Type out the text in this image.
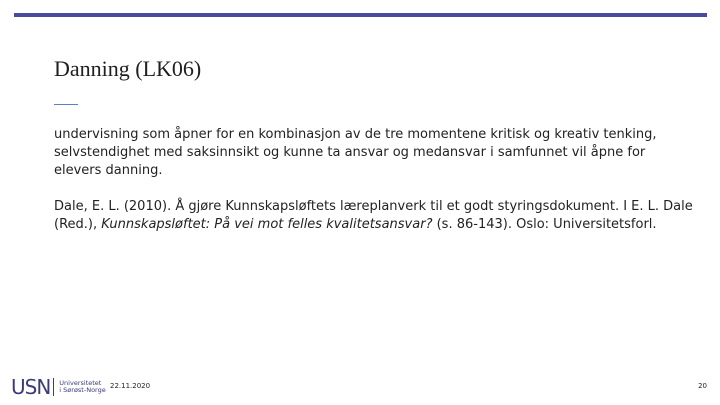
Danning (LK06)

undervisning som åpner for en kombinasjon av de tre momentene kritisk og kreativ tenking, selvstendighet med saksinnsikt og kunne ta ansvar og medansvar i samfunnet vil åpne for elevers danning.

Dale, E. L. (2010). Å gjøre Kunnskapsløftets læreplanverk til et godt styringsdokument. I E. L. Dale (Red.), Kunnskapsløftet: På vei mot felles kvalitetsansvar? (s. 86-143). Oslo: Universitetsforl.

USN Universitetet
i Sørøst-Norge 22.11.2020	20
